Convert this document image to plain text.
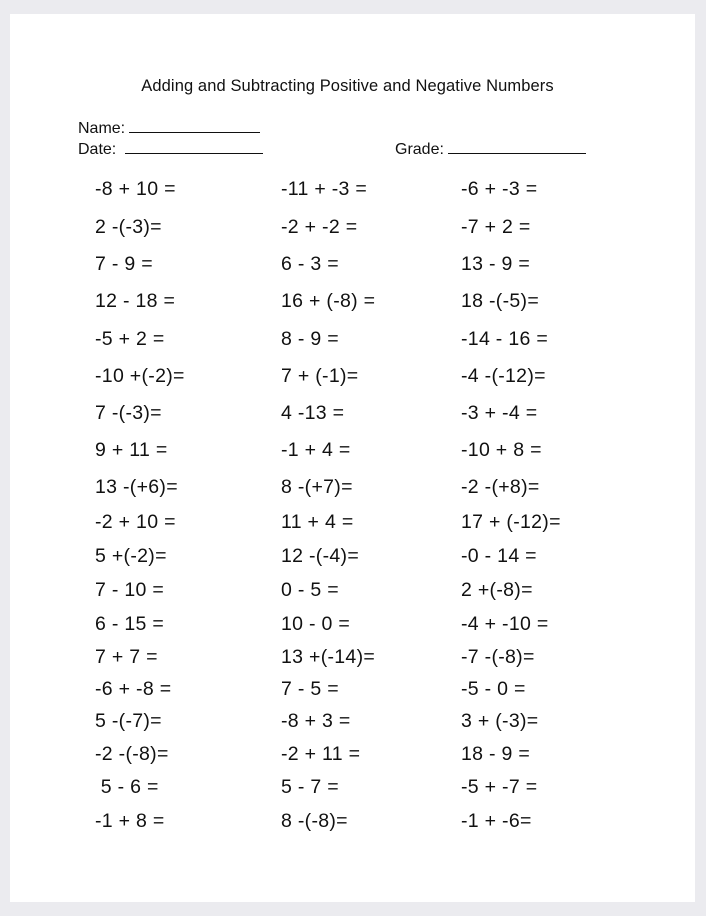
Adding and Subtracting Positive and Negative Numbers
Name:
Date:	Grade:
-8 + 10 =
2 -(-3)=
7 - 9 =
12 - 18 =
-5 + 2 =
-10 +(-2)=
7 -(-3)=
9 + 11 =
13 -(+6)=
-2 + 10 =
5 +(-2)=
7 - 10 =
6 - 15 =
7 + 7 =
-6 + -8 =
5 -(-7)=
-2 -(-8)=
5 - 6 =
-1 + 8 =
-11 + -3 =
-2 + -2 =
6 - 3 =
16 + (-8) =
8 - 9 =
7 + (-1)=
4 -13 =
-1 + 4 =
8 -(+7)=
11 + 4 =
12 -(-4)=
0 - 5 =
10 - 0 =
13 +(-14)=
7 - 5 =
-8 + 3 =
-2 + 11 =
5 - 7 =
8 -(-8)=
-6 + -3 =
-7 + 2 =
13 - 9 =
18 -(-5)=
-14 - 16 =
-4 -(-12)=
-3 + -4 =
-10 + 8 =
-2 -(+8)=
17 + (-12)=
-0 - 14 =
2 +(-8)=
-4 + -10 =
-7 -(-8)=
-5 - 0 =
3 + (-3)=
18 - 9 =
-5 + -7 =
-1 + -6=
